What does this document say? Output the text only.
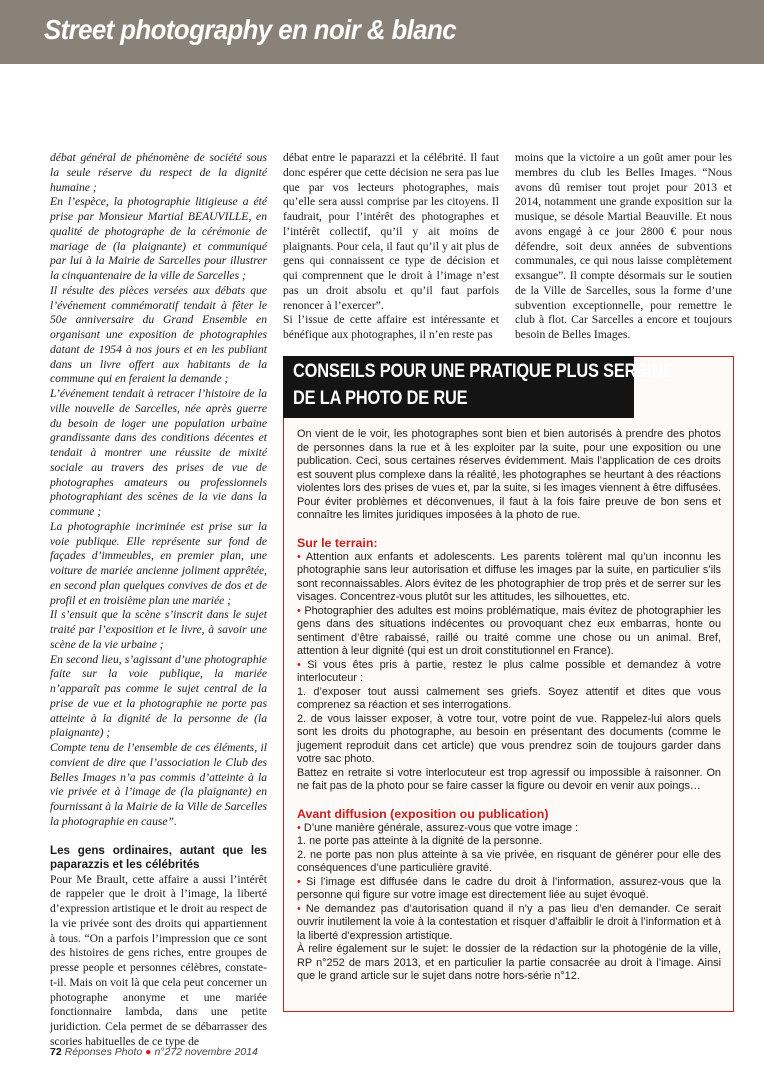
Street photography en noir & blanc

débat général de phénomène de société sous la seule réserve du respect de la dignité humaine ;

En l’espèce, la photographie litigieuse a été prise par Monsieur Martial BEAUVILLE, en qualité de photographe de la cérémonie de mariage de (la plaignante) et communiqué par lui à la Mairie de Sarcelles pour illustrer la cinquantenaire de la ville de Sarcelles ;

Il résulte des pièces versées aux débats que l’événement commémoratif tendait à fêter le 50e anniversaire du Grand Ensemble en organisant une exposition de photographies datant de 1954 à nos jours et en les publiant dans un livre offert aux habitants de la commune qui en feraient la demande ;

L’événement tendait à retracer l’histoire de la ville nouvelle de Sarcelles, née après guerre du besoin de loger une population urbaine grandissante dans des conditions décentes et tendait à montrer une réussite de mixité sociale au travers des prises de vue de photographes amateurs ou professionnels photographiant des scènes de la vie dans la commune ;

La photographie incriminée est prise sur la voie publique. Elle représente sur fond de façades d’immeubles, en premier plan, une voiture de mariée ancienne joliment apprêtée, en second plan quelques convives de dos et de profil et en troisième plan une mariée ;

Il s’ensuit que la scène s’inscrit dans le sujet traité par l’exposition et le livre, à savoir une scène de la vie urbaine ;

En second lieu, s’agissant d’une photographie faite sur la voie publique, la mariée n’apparaît pas comme le sujet central de la prise de vue et la photographie ne porte pas atteinte à la dignité de la personne de (la plaignante) ;

Compte tenu de l’ensemble de ces éléments, il convient de dire que l’association le Club des Belles Images n’a pas commis d’atteinte à la vie privée et à l’image de (la plaignante) en fournissant à la Mairie de la Ville de Sarcelles la photographie en cause”.

Les gens ordinaires, autant que les paparazzis et les célébrités

Pour Me Brault, cette affaire a aussi l’intérêt de rappeler que le droit à l’image, la liberté d’expression artistique et le droit au respect de la vie privée sont des droits qui appartiennent à tous. “On a parfois l’impression que ce sont des histoires de gens riches, entre groupes de presse people et personnes célèbres, constate-t-il. Mais on voit là que cela peut concerner un photographe anonyme et une mariée fonctionnaire lambda, dans une petite juridiction. Cela permet de se débarrasser des scories habituelles de ce type de

débat entre le paparazzi et la célébrité. Il faut donc espérer que cette décision ne sera pas lue que par vos lecteurs photographes, mais qu’elle sera aussi comprise par les citoyens. Il faudrait, pour l’intérêt des photographes et l’intérêt collectif, qu’il y ait moins de plaignants. Pour cela, il faut qu’il y ait plus de gens qui connaissent ce type de décision et qui comprennent que le droit à l’image n’est pas un droit absolu et qu’il faut parfois renoncer à l’exercer”.

Si l’issue de cette affaire est intéressante et bénéfique aux photographes, il n’en reste pas

moins que la victoire a un goût amer pour les membres du club les Belles Images. “Nous avons dû remiser tout projet pour 2013 et 2014, notamment une grande exposition sur la musique, se désole Martial Beauville. Et nous avons engagé à ce jour 2800 € pour nous défendre, soit deux années de subventions communales, ce qui nous laisse complètement exsangue”. Il compte désormais sur le soutien de la Ville de Sarcelles, sous la forme d’une subvention exceptionnelle, pour remettre le club à flot. Car Sarcelles a encore et toujours besoin de Belles Images.

CONSEILS POUR UNE PRATIQUE PLUS SEREINE
DE LA PHOTO DE RUE

On vient de le voir, les photographes sont bien et bien autorisés à prendre des photos de personnes dans la rue et à les exploiter par la suite, pour une exposition ou une publication. Ceci, sous certaines réserves évidemment. Mais l’application de ces droits est souvent plus complexe dans la réalité, les photographes se heurtant à des réactions violentes lors des prises de vues et, par la suite, si les images viennent à être diffusées. Pour éviter problèmes et déconvenues, il faut à la fois faire preuve de bon sens et connaître les limites juridiques imposées à la photo de rue.

Sur le terrain:

• Attention aux enfants et adolescents. Les parents tolèrent mal qu’un inconnu les photographie sans leur autorisation et diffuse les images par la suite, en particulier s’ils sont reconnaissables. Alors évitez de les photographier de trop près et de serrer sur les visages. Concentrez-vous plutôt sur les attitudes, les silhouettes, etc.

• Photographier des adultes est moins problématique, mais évitez de photographier les gens dans des situations indécentes ou provoquant chez eux embarras, honte ou sentiment d’être rabaissé, raillé ou traité comme une chose ou un animal. Bref, attention à leur dignité (qui est un droit constitutionnel en France).

• Si vous êtes pris à partie, restez le plus calme possible et demandez à votre interlocuteur :

1. d’exposer tout aussi calmement ses griefs. Soyez attentif et dites que vous comprenez sa réaction et ses interrogations.

2. de vous laisser exposer, à votre tour, votre point de vue. Rappelez-lui alors quels sont les droits du photographe, au besoin en présentant des documents (comme le jugement reproduit dans cet article) que vous prendrez soin de toujours garder dans votre sac photo.

Battez en retraite si votre interlocuteur est trop agressif ou impossible à raisonner. On ne fait pas de la photo pour se faire casser la figure ou devoir en venir aux poings…

Avant diffusion (exposition ou publication)

• D’une manière générale, assurez-vous que votre image :

1. ne porte pas atteinte à la dignité de la personne.

2. ne porte pas non plus atteinte à sa vie privée, en risquant de générer pour elle des conséquences d’une particulière gravité.

• Si l’image est diffusée dans le cadre du droit à l’information, assurez-vous que la personne qui figure sur votre image est directement liée au sujet évoqué.

• Ne demandez pas d’autorisation quand il n’y a pas lieu d’en demander. Ce serait ouvrir inutilement la voie à la contestation et risquer d’affaiblir le droit à l’information et à la liberté d’expression artistique.

À relire également sur le sujet: le dossier de la rédaction sur la photogénie de la ville, RP n°252 de mars 2013, et en particulier la partie consacrée au droit à l’image. Ainsi que le grand article sur le sujet dans notre hors-série n°12.

72 Réponses Photo ● n°272 novembre 2014
